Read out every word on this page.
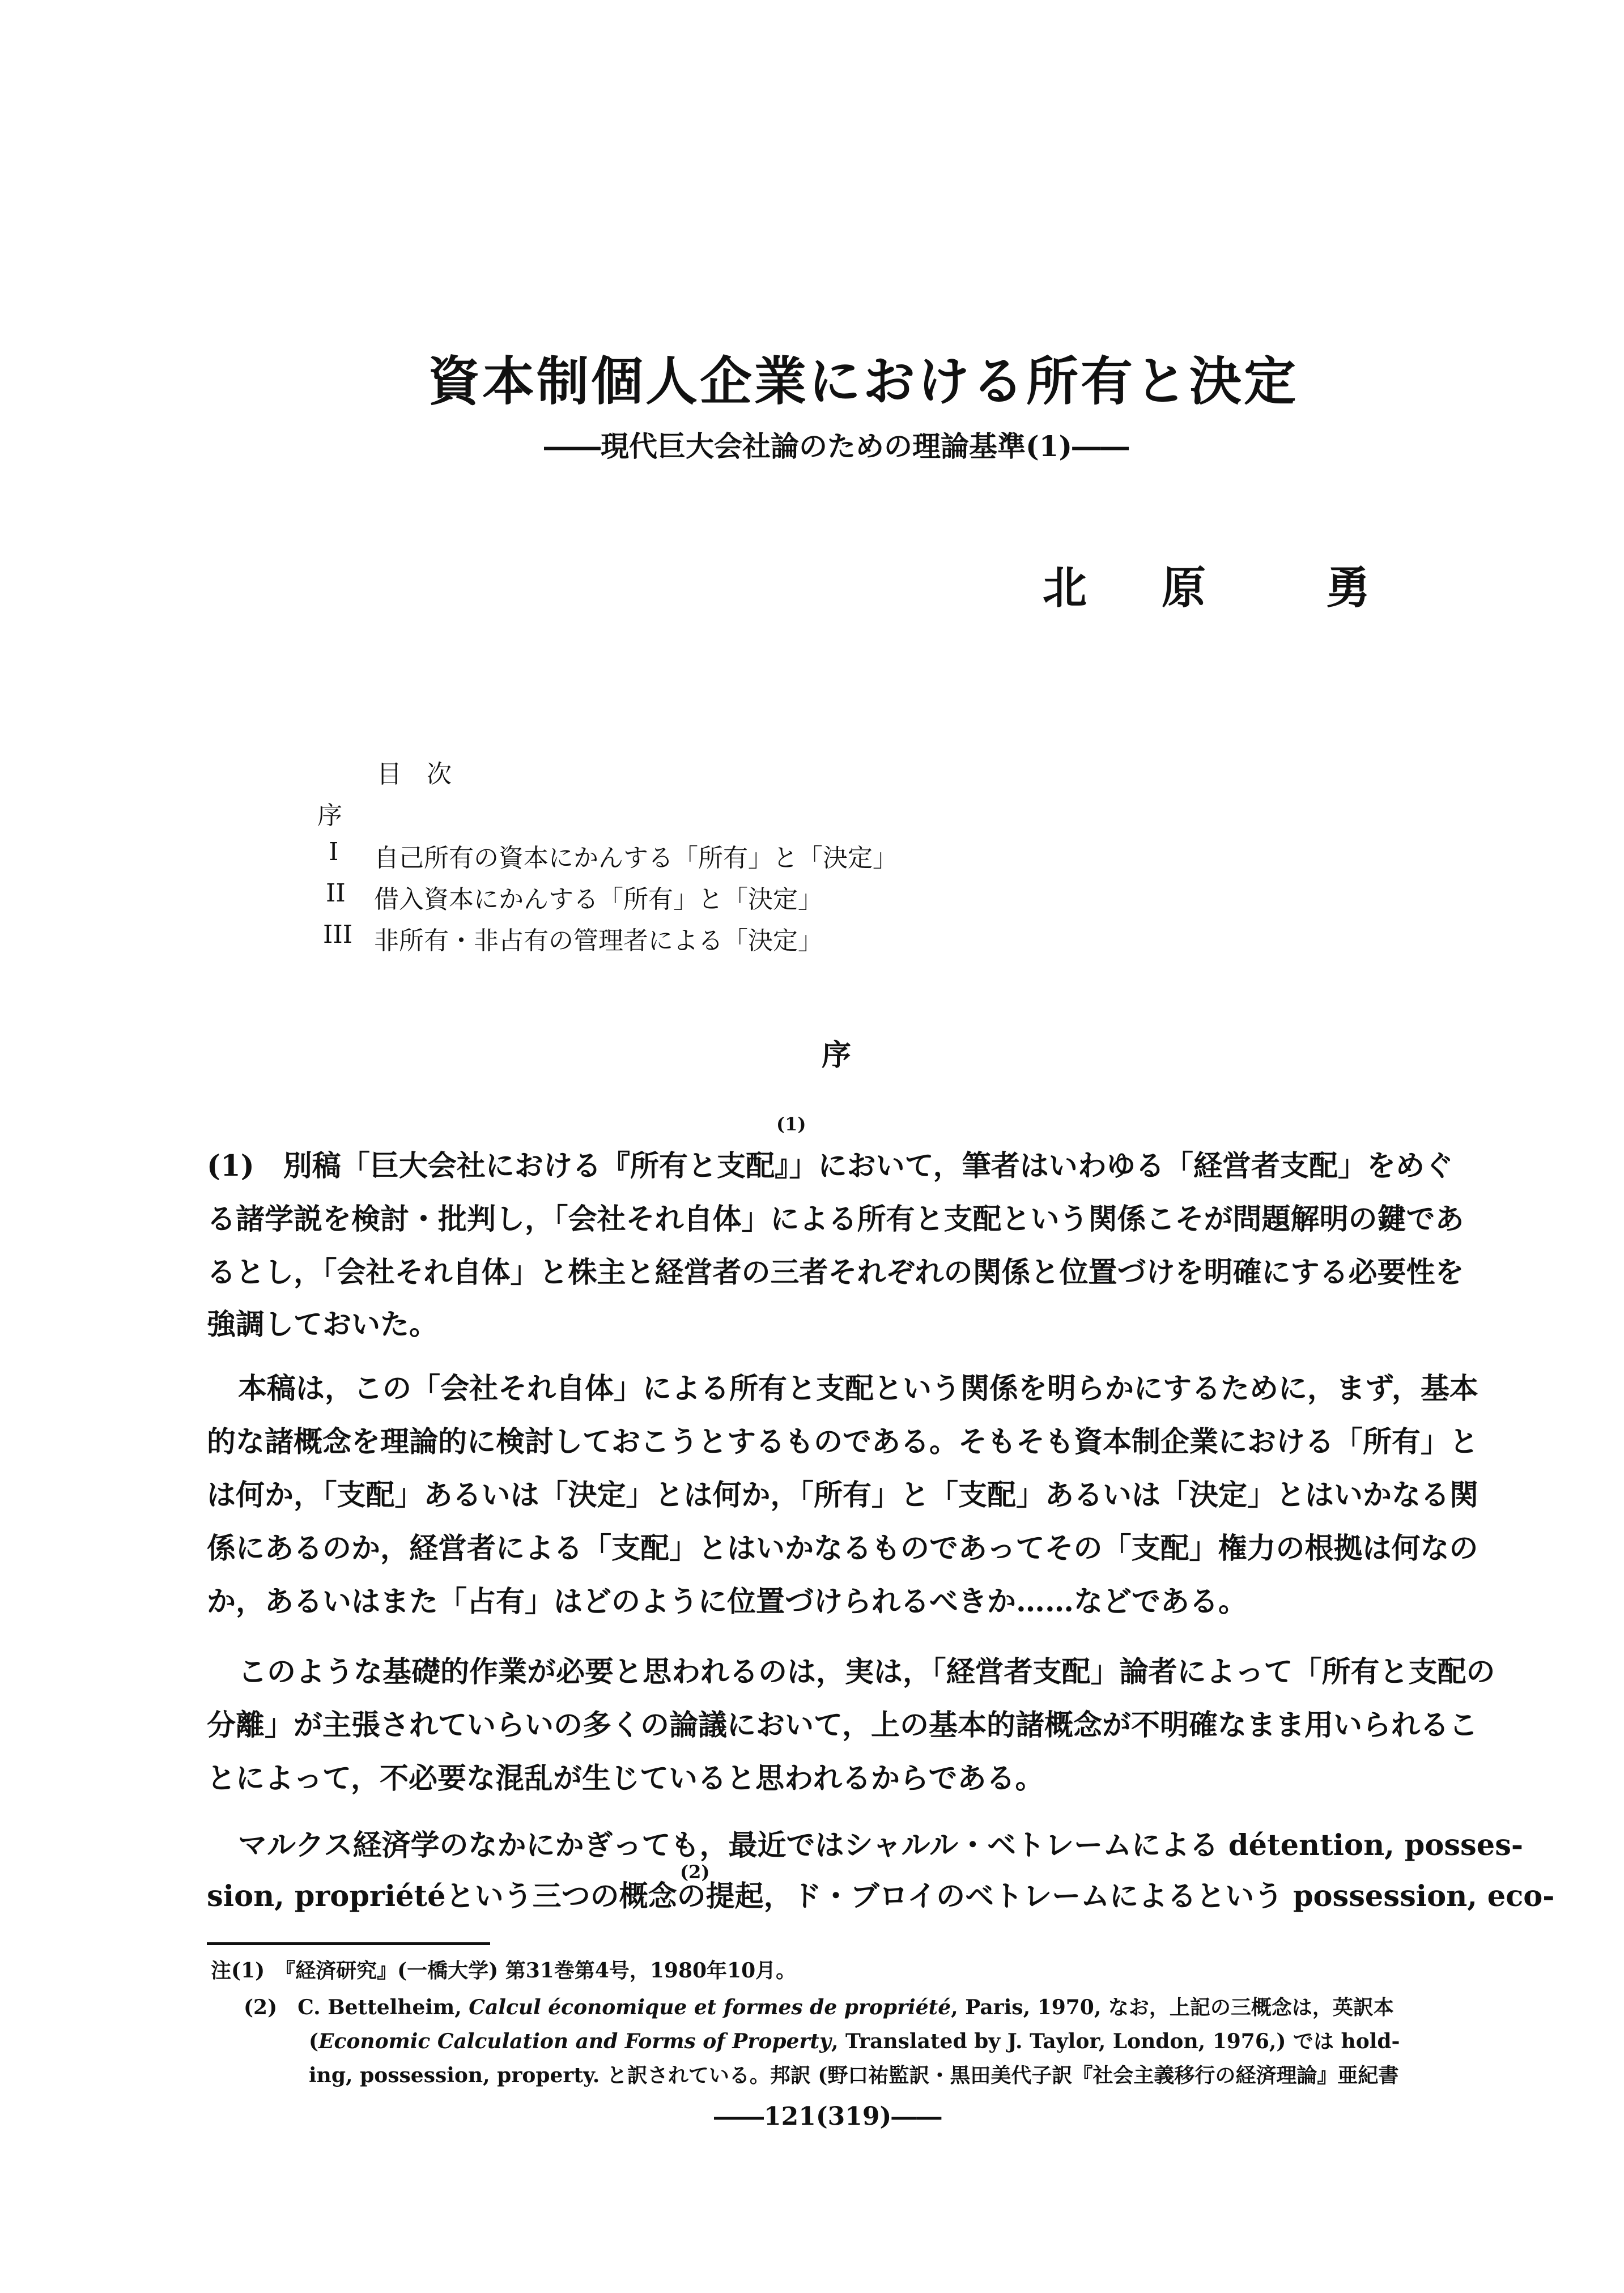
資本制個人企業における所有と決定
――現代巨大会社論のための理論基準(1)――
北 原	勇
目　次
序
I 自己所有の資本にかんする「所有」と「決定」
II 借入資本にかんする「所有」と「決定」
III 非所有・非占有の管理者による「決定」
序
(1)
(1)　別稿「巨大会社における『所有と支配』」において，筆者はいわゆる「経営者支配」をめぐ
る諸学説を検討・批判し，「会社それ自体」による所有と支配という関係こそが問題解明の鍵であ
るとし，「会社それ自体」と株主と経営者の三者それぞれの関係と位置づけを明確にする必要性を
強調しておいた。
本稿は，この「会社それ自体」による所有と支配という関係を明らかにするために，まず，基本
的な諸概念を理論的に検討しておこうとするものである。そもそも資本制企業における「所有」と
は何か，「支配」あるいは「決定」とは何か，「所有」と「支配」あるいは「決定」とはいかなる関
係にあるのか，経営者による「支配」とはいかなるものであってその「支配」権力の根拠は何なの
か，あるいはまた「占有」はどのように位置づけられるべきか……などである。
このような基礎的作業が必要と思われるのは，実は，「経営者支配」論者によって「所有と支配の
分離」が主張されていらいの多くの論議において，上の基本的諸概念が不明確なまま用いられるこ
とによって，不必要な混乱が生じていると思われるからである。
マルクス経済学のなかにかぎっても，最近ではシャルル・ベトレームによる détention, posses-
(2)
sion, propriétéという三つの概念の提起，ド・ブロイのベトレームによるという possession, eco-
注(1)　『経済研究』(一橋大学) 第31巻第4号，1980年10月。
(2)　C. Bettelheim, Calcul économique et formes de propriété, Paris, 1970, なお，上記の三概念は，英訳本
(Economic Calculation and Forms of Property, Translated by J. Taylor, London, 1976,) では hold-
ing, possession, property. と訳されている。邦訳 (野口祐監訳・黒田美代子訳『社会主義移行の経済理論』亜紀書
――121(319)――
